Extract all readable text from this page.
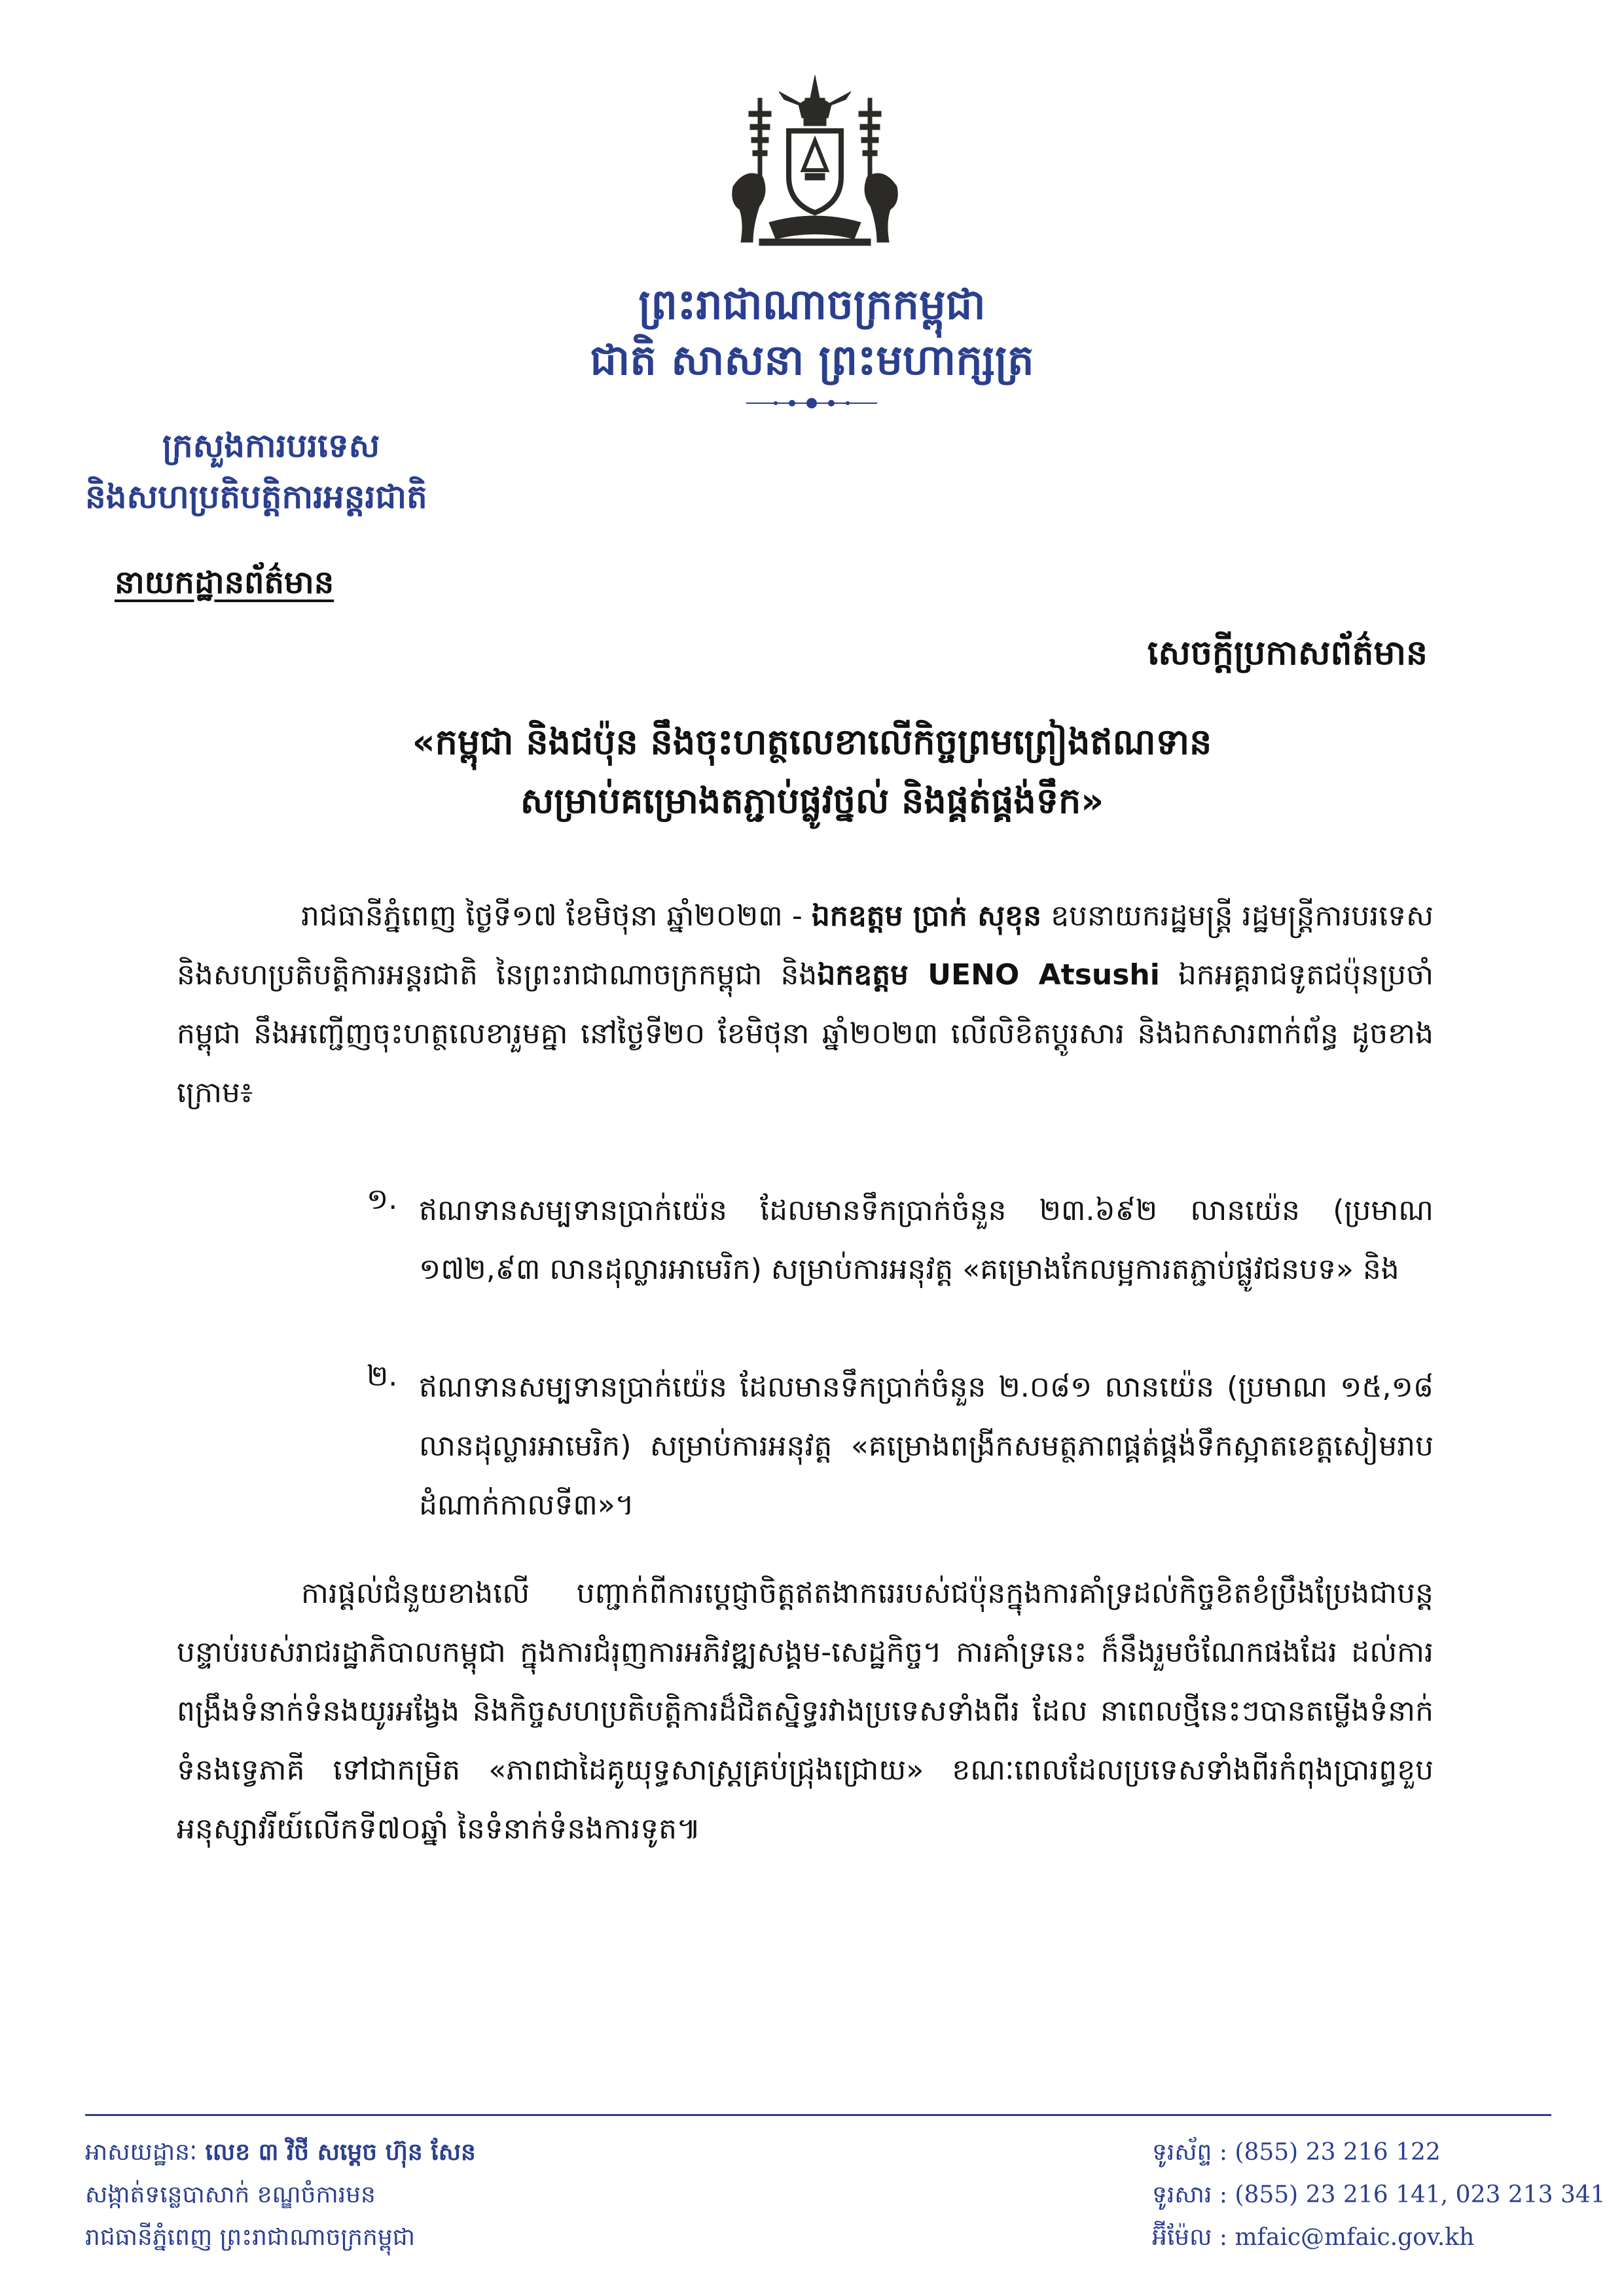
ព្រះរាជាណាចក្រកម្ពុជា
ជាតិ សាសនា ព្រះមហាក្សត្រ
ក្រសួងការបរទេស
និងសហប្រតិបត្តិការអន្តរជាតិ
នាយកដ្ឋានព័ត៌មាន
សេចក្តីប្រកាសព័ត៌មាន
«កម្ពុជា និងជប៉ុន នឹងចុះហត្ថលេខាលើកិច្ចព្រមព្រៀងឥណទាន
សម្រាប់គម្រោងតភ្ជាប់ផ្លូវថ្នល់ និងផ្គត់ផ្គង់ទឹក»
រាជធានីភ្នំពេញ ថ្ងៃទី១៧ ខែមិថុនា ឆ្នាំ២០២៣ - ឯកឧត្តម ប្រាក់ សុខុន ឧបនាយករដ្ឋមន្ត្រី រដ្ឋមន្ត្រីការបរទេស និងសហប្រតិបត្តិការអន្តរជាតិ នៃព្រះរាជាណាចក្រកម្ពុជា និងឯកឧត្តម UENO Atsushi ឯកអគ្គរាជទូតជប៉ុនប្រចាំកម្ពុជា នឹងអញ្ជើញចុះហត្ថលេខារួមគ្នា នៅថ្ងៃទី២០ ខែមិថុនា ឆ្នាំ២០២៣ លើលិខិតប្តូរសារ និងឯកសារពាក់ព័ន្ធ ដូចខាងក្រោម៖
១. ឥណទានសម្បទានប្រាក់យ៉េន ដែលមានទឹកប្រាក់ចំនួន ២៣.៦៩២ លានយ៉េន (ប្រមាណ ១៧២,៩៣ លានដុល្លារអាមេរិក) សម្រាប់ការអនុវត្ត «គម្រោងកែលម្អការតភ្ជាប់ផ្លូវជនបទ» និង
២. ឥណទានសម្បទានប្រាក់យ៉េន ដែលមានទឹកប្រាក់ចំនួន ២.០៨១ លានយ៉េន (ប្រមាណ ១៥,១៨ លានដុល្លារអាមេរិក) សម្រាប់ការអនុវត្ត «គម្រោងពង្រីកសមត្ថភាពផ្គត់ផ្គង់ទឹកស្អាតខេត្តសៀមរាប ដំណាក់កាលទី៣»។
ការផ្តល់ជំនួយខាងលើ បញ្ជាក់ពីការប្តេជ្ញាចិត្តឥតងាករេរបស់ជប៉ុនក្នុងការគាំទ្រដល់កិច្ចខិតខំប្រឹងប្រែងជាបន្តបន្ទាប់របស់រាជរដ្ឋាភិបាលកម្ពុជា ក្នុងការជំរុញការអភិវឌ្ឍសង្គម-សេដ្ឋកិច្ច។ ការគាំទ្រនេះ ក៏នឹងរួមចំណែកផងដែរ ដល់ការពង្រឹងទំនាក់ទំនងយូរអង្វែង និងកិច្ចសហប្រតិបត្តិការដ៏ជិតស្និទ្ធរវាងប្រទេសទាំងពីរ ដែល នាពេលថ្មីនេះៗបានតម្លើងទំនាក់ទំនងទ្វេភាគី ទៅជាកម្រិត «ភាពជាដៃគូយុទ្ធសាស្ត្រគ្រប់ជ្រុងជ្រោយ» ខណៈពេលដែលប្រទេសទាំងពីរកំពុងប្រារព្ធខួបអនុស្សាវរីយ៍លើកទី៧០ឆ្នាំ នៃទំនាក់ទំនងការទូត៕
អាសយដ្ឋានៈ លេខ ៣ វិថី សម្តេច ហ៊ុន សែន
សង្កាត់ទន្លេបាសាក់ ខណ្ឌចំការមន
រាជធានីភ្នំពេញ ព្រះរាជាណាចក្រកម្ពុជា
ទូរស័ព្ទ : (855) 23 216 122
ទូរសារ : (855) 23 216 141, 023 213 341
អ៊ីម៉ែល : mfaic@mfaic.gov.kh
